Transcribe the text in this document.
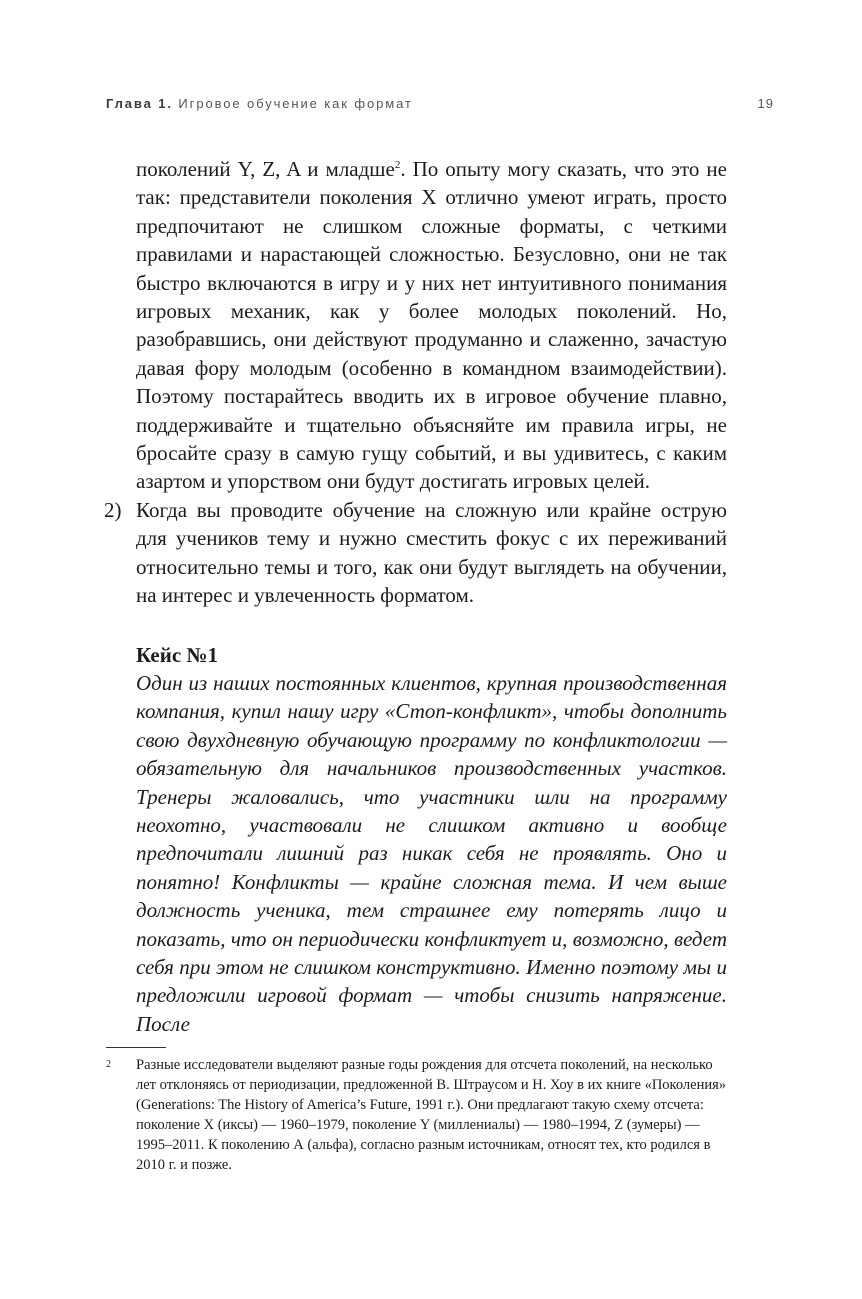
Глава 1. Игровое обучение как формат	19

поколений Y, Z, A и младше$^2$. По опыту могу сказать, что это не так: представители поколения X отлично умеют играть, просто предпочитают не слишком сложные форматы, с четкими правилами и нарастающей сложностью. Безусловно, они не так быстро включаются в игру и у них нет интуитивного понимания игровых механик, как у более молодых поколений. Но, разобравшись, они действуют продуманно и слаженно, зачастую давая фору молодым (особенно в командном взаимодействии). Поэтому постарайтесь вводить их в игровое обучение плавно, поддерживайте и тщательно объясняйте им правила игры, не бросайте сразу в самую гущу событий, и вы удивитесь, с каким азартом и упорством они будут достигать игровых целей.

2) Когда вы проводите обучение на сложную или крайне острую для учеников тему и нужно сместить фокус с их переживаний относительно темы и того, как они будут выглядеть на обучении, на интерес и увлеченность форматом.

Кейс №1

Один из наших постоянных клиентов, крупная производственная компания, купил нашу игру «Стоп-конфликт», чтобы дополнить свою двухдневную обучающую программу по конфликтологии — обязательную для начальников производственных участков. Тренеры жаловались, что участники шли на программу неохотно, участвовали не слишком активно и вообще предпочитали лишний раз никак себя не проявлять. Оно и понятно! Конфликты — крайне сложная тема. И чем выше должность ученика, тем страшнее ему потерять лицо и показать, что он периодически конфликтует и, возможно, ведет себя при этом не слишком конструктивно. Именно поэтому мы и предложили игровой формат — чтобы снизить напряжение. После

2 Разные исследователи выделяют разные годы рождения для отсчета поколений, на несколько лет отклоняясь от периодизации, предложенной В. Штраусом и Н. Хоу в их книге «Поколения» (Generations: The History of America’s Future, 1991 г.). Они предлагают такую схему отсчета: поколение X (иксы) — 1960–1979, поколение Y (миллениалы) — 1980–1994, Z (зумеры) — 1995–2011. К поколению А (альфа), согласно разным источникам, относят тех, кто родился в 2010 г. и позже.
